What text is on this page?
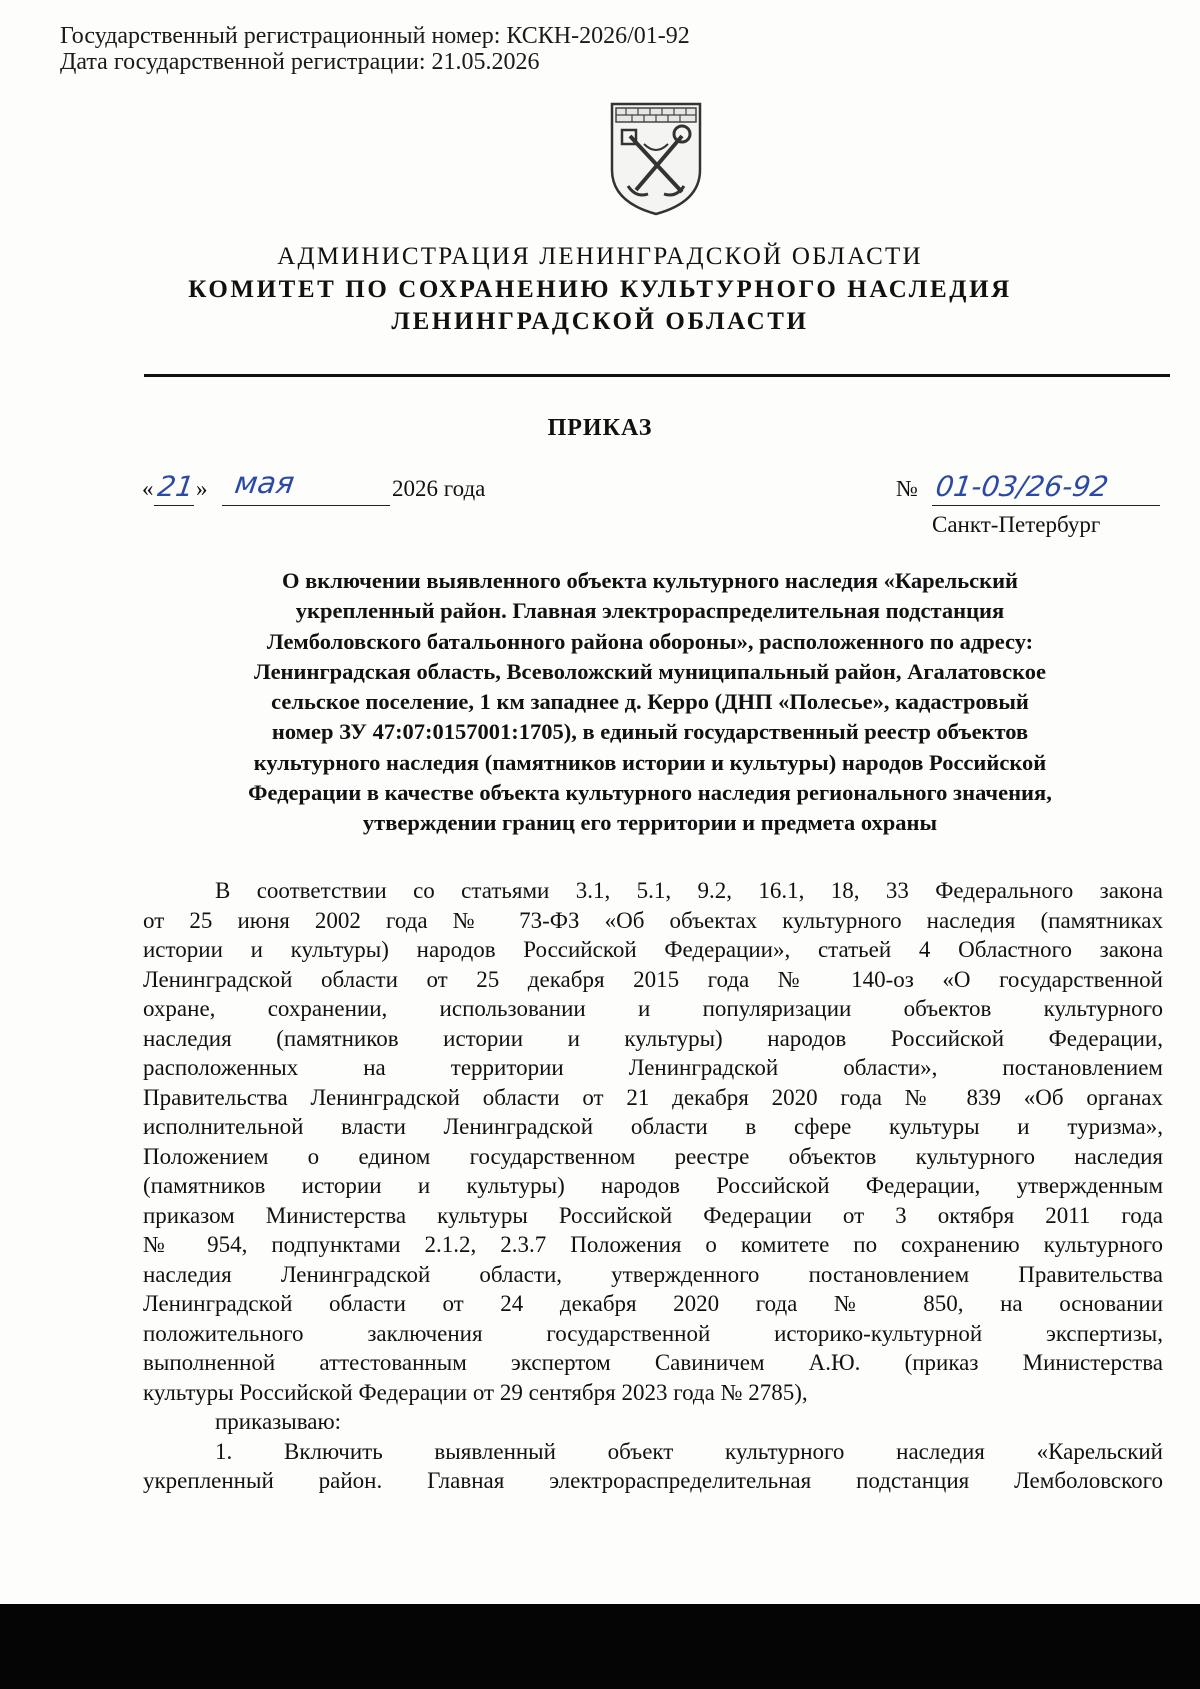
Государственный регистрационный номер: КСКН-2026/01-92
Дата государственной регистрации: 21.05.2026
АДМИНИСТРАЦИЯ ЛЕНИНГРАДСКОЙ ОБЛАСТИ
КОМИТЕТ ПО СОХРАНЕНИЮ КУЛЬТУРНОГО НАСЛЕДИЯ
ЛЕНИНГРАДСКОЙ ОБЛАСТИ
ПРИКАЗ
« 21 » мая	2026 года	№ 01-03/26-92
Санкт-Петербург
О включении выявленного объекта культурного наследия «Карельский
укрепленный район. Главная электрораспределительная подстанция
Лемболовского батальонного района обороны», расположенного по адресу:
Ленинградская область, Всеволожский муниципальный район, Агалатовское
сельское поселение, 1 км западнее д. Керро (ДНП «Полесье», кадастровый
номер ЗУ 47:07:0157001:1705), в единый государственный реестр объектов
культурного наследия (памятников истории и культуры) народов Российской
Федерации в качестве объекта культурного наследия регионального значения,
утверждении границ его территории и предмета охраны
В соответствии со статьями 3.1, 5.1, 9.2, 16.1, 18, 33 Федерального закона
от 25 июня 2002 года № 73-ФЗ «Об объектах культурного наследия (памятниках
истории и культуры) народов Российской Федерации», статьей 4 Областного закона
Ленинградской области от 25 декабря 2015 года № 140-оз «О государственной
охране, сохранении, использовании и популяризации объектов культурного
наследия (памятников истории и культуры) народов Российской Федерации,
расположенных на территории Ленинградской области», постановлением
Правительства Ленинградской области от 21 декабря 2020 года № 839 «Об органах
исполнительной власти Ленинградской области в сфере культуры и туризма»,
Положением о едином государственном реестре объектов культурного наследия
(памятников истории и культуры) народов Российской Федерации, утвержденным
приказом Министерства культуры Российской Федерации от 3 октября 2011 года
№ 954, подпунктами 2.1.2, 2.3.7 Положения о комитете по сохранению культурного
наследия Ленинградской области, утвержденного постановлением Правительства
Ленинградской области от 24 декабря 2020 года № 850, на основании
положительного заключения государственной историко-культурной экспертизы,
выполненной аттестованным экспертом Савиничем А.Ю. (приказ Министерства
культуры Российской Федерации от 29 сентября 2023 года № 2785),
приказываю:
1. Включить выявленный объект культурного наследия «Карельский
укрепленный район. Главная электрораспределительная подстанция Лемболовского
